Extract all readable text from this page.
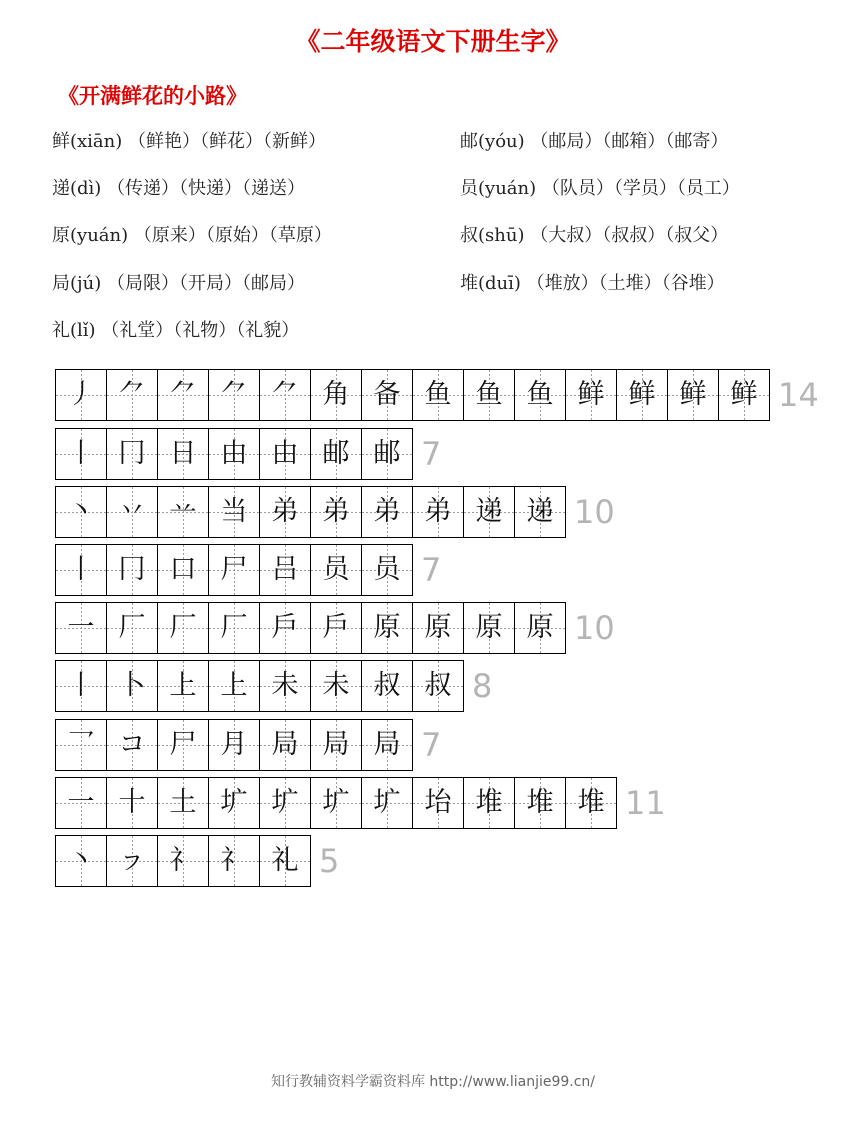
《二年级语文下册生字》
《开满鲜花的小路》
鲜(xiān) （鲜艳）（鲜花）（新鲜）
递(dì) （传递）（快递）（递送）
原(yuán) （原来）（原始）（草原）
局(jú) （局限）（开局）（邮局）
礼(lǐ) （礼堂）（礼物）（礼貌）
邮(yóu) （邮局）（邮箱）（邮寄）
员(yuán) （队员）（学员）（员工）
叔(shū) （大叔）（叔叔）（叔父）
堆(duī) （堆放）（土堆）（谷堆）
丿 ⺈ ⺈ ⺈ ⺈ 角 备 鱼 鱼 鱼 鲜 鲜 鲜 鲜 14
丨 冂 日 由 由 邮 邮 7
丶 丷 䒑 当 弟 弟 弟 弟 递 递 10
丨 冂 口 尸 吕 员 员 7
一 厂 厂 厂 戶 戶 原 原 原 原 10
丨 卜 上 上 未 未 叔 叔 8
乛 コ 尸 月 局 局 局 7
一 十 土 圹 圹 圹 圹 坮 堆 堆 堆 11
丶 ㇷ 礻 礻 礼 5
知行教辅资料学霸资料库 http://www.lianjie99.cn/
